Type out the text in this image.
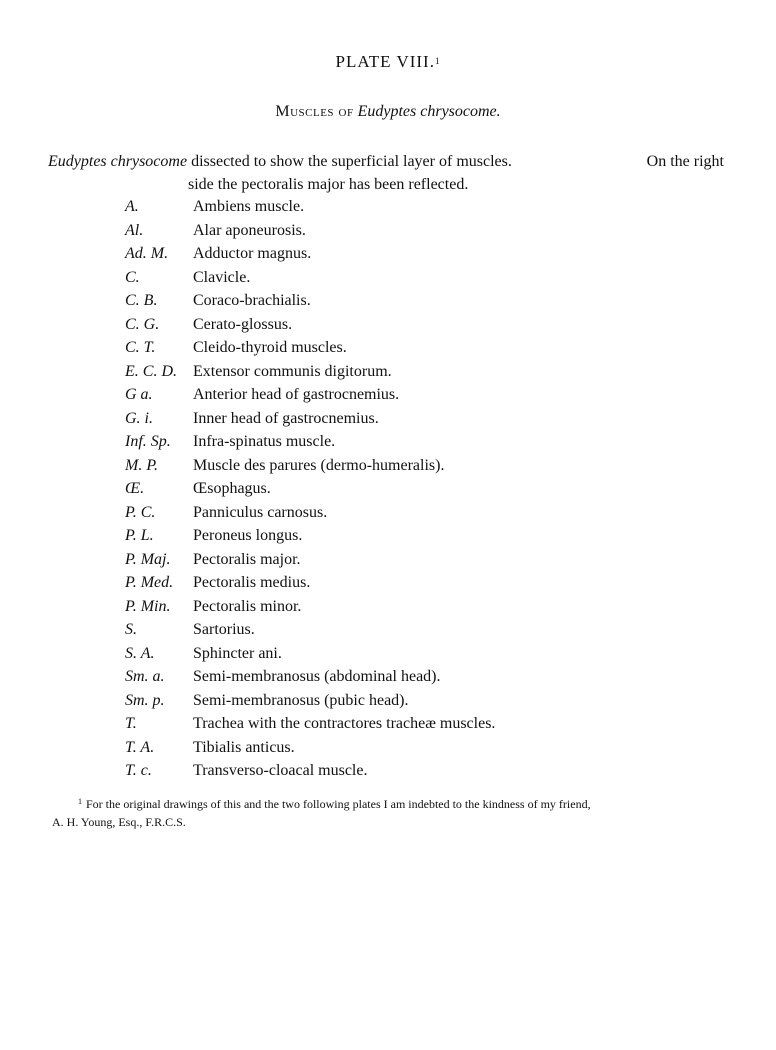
PLATE VIII.$^1$
Muscles of Eudyptes chrysocome.
Eudyptes chrysocome dissected to show the superficial layer of muscles.	On the right
side the pectoralis major has been reflected.
A.	Ambiens muscle.
Al.	Alar aponeurosis.
Ad. M.	Adductor magnus.
C.	Clavicle.
C. B.	Coraco-brachialis.
C. G.	Cerato-glossus.
C. T.	Cleido-thyroid muscles.
E. C. D.	Extensor communis digitorum.
G a.	Anterior head of gastrocnemius.
G. i.	Inner head of gastrocnemius.
Inf. Sp.	Infra-spinatus muscle.
M. P.	Muscle des parures (dermo-humeralis).
Œ.	Œsophagus.
P. C.	Panniculus carnosus.
P. L.	Peroneus longus.
P. Maj.	Pectoralis major.
P. Med.	Pectoralis medius.
P. Min.	Pectoralis minor.
S.	Sartorius.
S. A.	Sphincter ani.
Sm. a.	Semi-membranosus (abdominal head).
Sm. p.	Semi-membranosus (pubic head).
T.	Trachea with the contractores tracheæ muscles.
T. A.	Tibialis anticus.
T. c.	Transverso-cloacal muscle.
$^1$ For the original drawings of this and the two following plates I am indebted to the kindness of my friend,
A. H. Young, Esq., F.R.C.S.
